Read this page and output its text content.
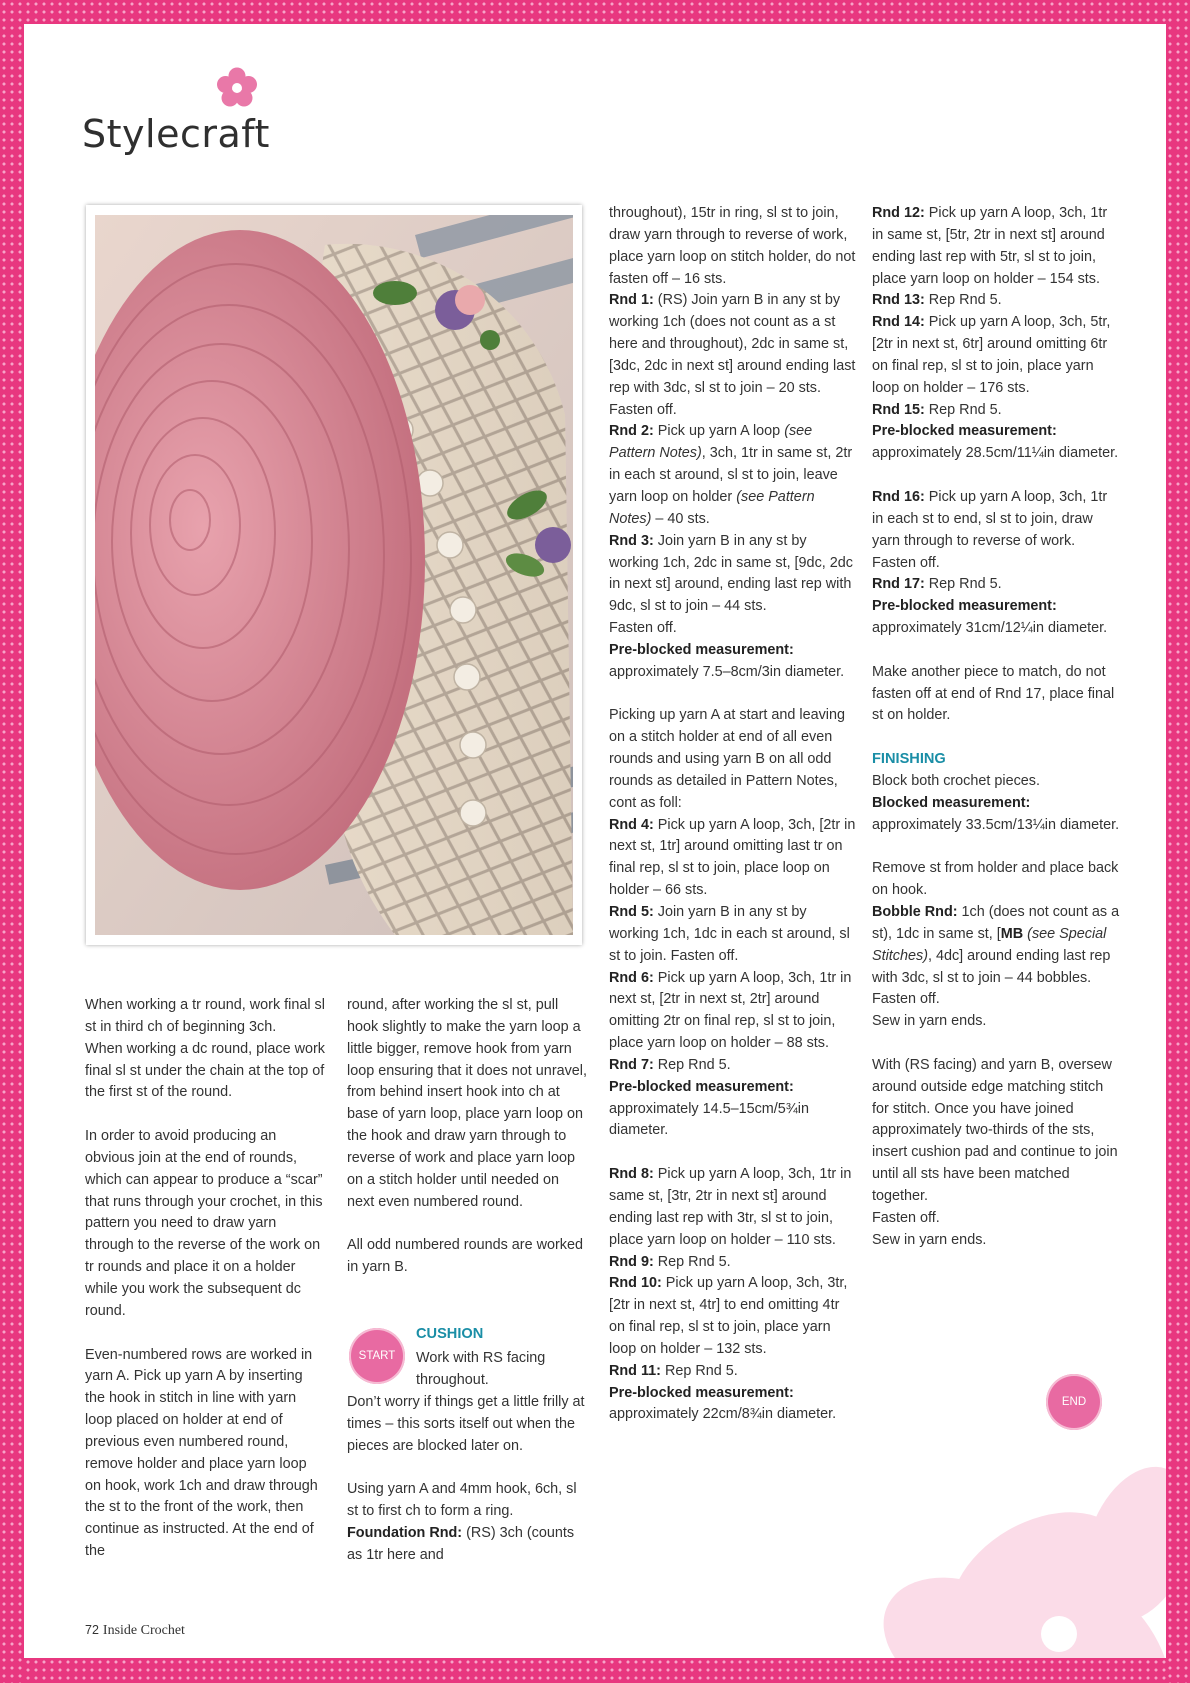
Stylecraft

When working a tr round, work final sl st in third ch of beginning 3ch.

When working a dc round, place work final sl st under the chain at the top of the first st of the round.

In order to avoid producing an obvious join at the end of rounds, which can appear to produce a “scar” that runs through your crochet, in this pattern you need to draw yarn through to the reverse of the work on tr rounds and place it on a holder while you work the subsequent dc round.

Even-numbered rows are worked in yarn A. Pick up yarn A by inserting the hook in stitch in line with yarn loop placed on holder at end of previous even numbered round, remove holder and place yarn loop on hook, work 1ch and draw through the st to the front of the work, then continue as instructed. At the end of the

round, after working the sl st, pull hook slightly to make the yarn loop a little bigger, remove hook from yarn loop ensuring that it does not unravel, from behind insert hook into ch at base of yarn loop, place yarn loop on the hook and draw yarn through to reverse of work and place yarn loop on a stitch holder until needed on next even numbered round.

All odd numbered rounds are worked in yarn B.

START
CUSHION

Work with RS facing throughout.

Don’t worry if things get a little frilly at times – this sorts itself out when the pieces are blocked later on.

Using yarn A and 4mm hook, 6ch, sl st to first ch to form a ring.

Foundation Rnd: (RS) 3ch (counts as 1tr here and

throughout), 15tr in ring, sl st to join, draw yarn through to reverse of work, place yarn loop on stitch holder, do not fasten off – 16 sts.

Rnd 1: (RS) Join yarn B in any st by working 1ch (does not count as a st here and throughout), 2dc in same st, [3dc, 2dc in next st] around ending last rep with 3dc, sl st to join – 20 sts.

Fasten off.

Rnd 2: Pick up yarn A loop (see Pattern Notes), 3ch, 1tr in same st, 2tr in each st around, sl st to join, leave yarn loop on holder (see Pattern Notes) – 40 sts.

Rnd 3: Join yarn B in any st by working 1ch, 2dc in same st, [9dc, 2dc in next st] around, ending last rep with 9dc, sl st to join – 44 sts.

Fasten off.

Pre-blocked measurement:

approximately 7.5–8cm/3in diameter.

Picking up yarn A at start and leaving on a stitch holder at end of all even rounds and using yarn B on all odd rounds as detailed in Pattern Notes, cont as foll:

Rnd 4: Pick up yarn A loop, 3ch, [2tr in next st, 1tr] around omitting last tr on final rep, sl st to join, place loop on holder – 66 sts.

Rnd 5: Join yarn B in any st by working 1ch, 1dc in each st around, sl st to join. Fasten off.

Rnd 6: Pick up yarn A loop, 3ch, 1tr in next st, [2tr in next st, 2tr] around omitting 2tr on final rep, sl st to join, place yarn loop on holder – 88 sts.

Rnd 7: Rep Rnd 5.

Pre-blocked measurement:

approximately 14.5–15cm/5¾in diameter.

Rnd 8: Pick up yarn A loop, 3ch, 1tr in same st, [3tr, 2tr in next st] around ending last rep with 3tr, sl st to join, place yarn loop on holder – 110 sts.

Rnd 9: Rep Rnd 5.

Rnd 10: Pick up yarn A loop, 3ch, 3tr, [2tr in next st, 4tr] to end omitting 4tr on final rep, sl st to join, place yarn loop on holder – 132 sts.

Rnd 11: Rep Rnd 5.

Pre-blocked measurement:

approximately 22cm/8¾in diameter.

Rnd 12: Pick up yarn A loop, 3ch, 1tr in same st, [5tr, 2tr in next st] around ending last rep with 5tr, sl st to join, place yarn loop on holder – 154 sts.

Rnd 13: Rep Rnd 5.

Rnd 14: Pick up yarn A loop, 3ch, 5tr, [2tr in next st, 6tr] around omitting 6tr on final rep, sl st to join, place yarn loop on holder – 176 sts.

Rnd 15: Rep Rnd 5.

Pre-blocked measurement:

approximately 28.5cm/11¼in diameter.

Rnd 16: Pick up yarn A loop, 3ch, 1tr in each st to end, sl st to join, draw yarn through to reverse of work.

Fasten off.

Rnd 17: Rep Rnd 5.

Pre-blocked measurement:

approximately 31cm/12¼in diameter.

Make another piece to match, do not fasten off at end of Rnd 17, place final st on holder.

FINISHING

Block both crochet pieces.

Blocked measurement:

approximately 33.5cm/13¼in diameter.

Remove st from holder and place back on hook.

Bobble Rnd: 1ch (does not count as a st), 1dc in same st, [MB (see Special Stitches), 4dc] around ending last rep with 3dc, sl st to join – 44 bobbles.

Fasten off.

Sew in yarn ends.

With (RS facing) and yarn B, oversew around outside edge matching stitch for stitch. Once you have joined approximately two-thirds of the sts, insert cushion pad and continue to join until all sts have been matched together.

Fasten off.

Sew in yarn ends.

END
72 Inside Crochet
